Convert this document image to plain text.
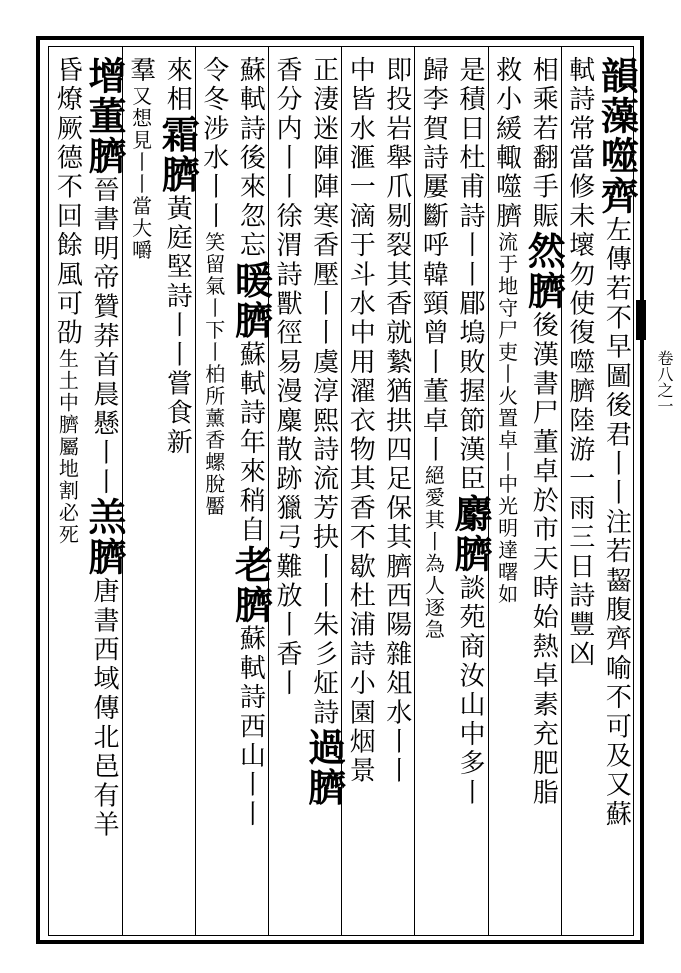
卷八之一
韻藻噬齊左傳若不早圖後君丨丨注若齧腹齊喻不可及又蘇
軾詩常當修未壞勿使復噬臍陸游一雨三日詩豐凶
相乘若翻手賑然臍後漢書尸董卓於市天時始熱卓素充肥脂
救小緩輙噬臍流于地守尸吏丨火置卓丨中光明達曙如
是積日杜甫詩丨丨郿塢敗握節漢臣麝臍談苑商汝山中多丨
歸李賀詩屢斷呼韓頸曾丨董卓丨絕愛其丨為人逐急
即投岩舉爪剔裂其香就縶猶拱四足保其臍西陽雜俎水丨丨
中皆水滙一滴于斗水中用濯衣物其香不歇杜浦詩小園烟景
正淒迷陣陣寒香壓丨丨虞淳熙詩流芳抉丨丨朱彡炡詩過臍
香分内丨丨徐渭詩獸徑易漫麋散跡獵弓難放丨香丨
蘇軾詩後來忽忘暖臍蘇軾詩年來稍自老臍蘇軾詩西山丨丨
令冬涉水丨丨笑留氣丨下丨柏所薰香螺脫靨
來相霜臍黃庭堅詩丨丨嘗食新
羣又想見丨丨當大嚼
增董臍晉書明帝贊莽首晨懸丨丨羔臍唐書西域傳北邑有羊
昏燎厥德不回餘風可劭生土中臍屬地割必死
